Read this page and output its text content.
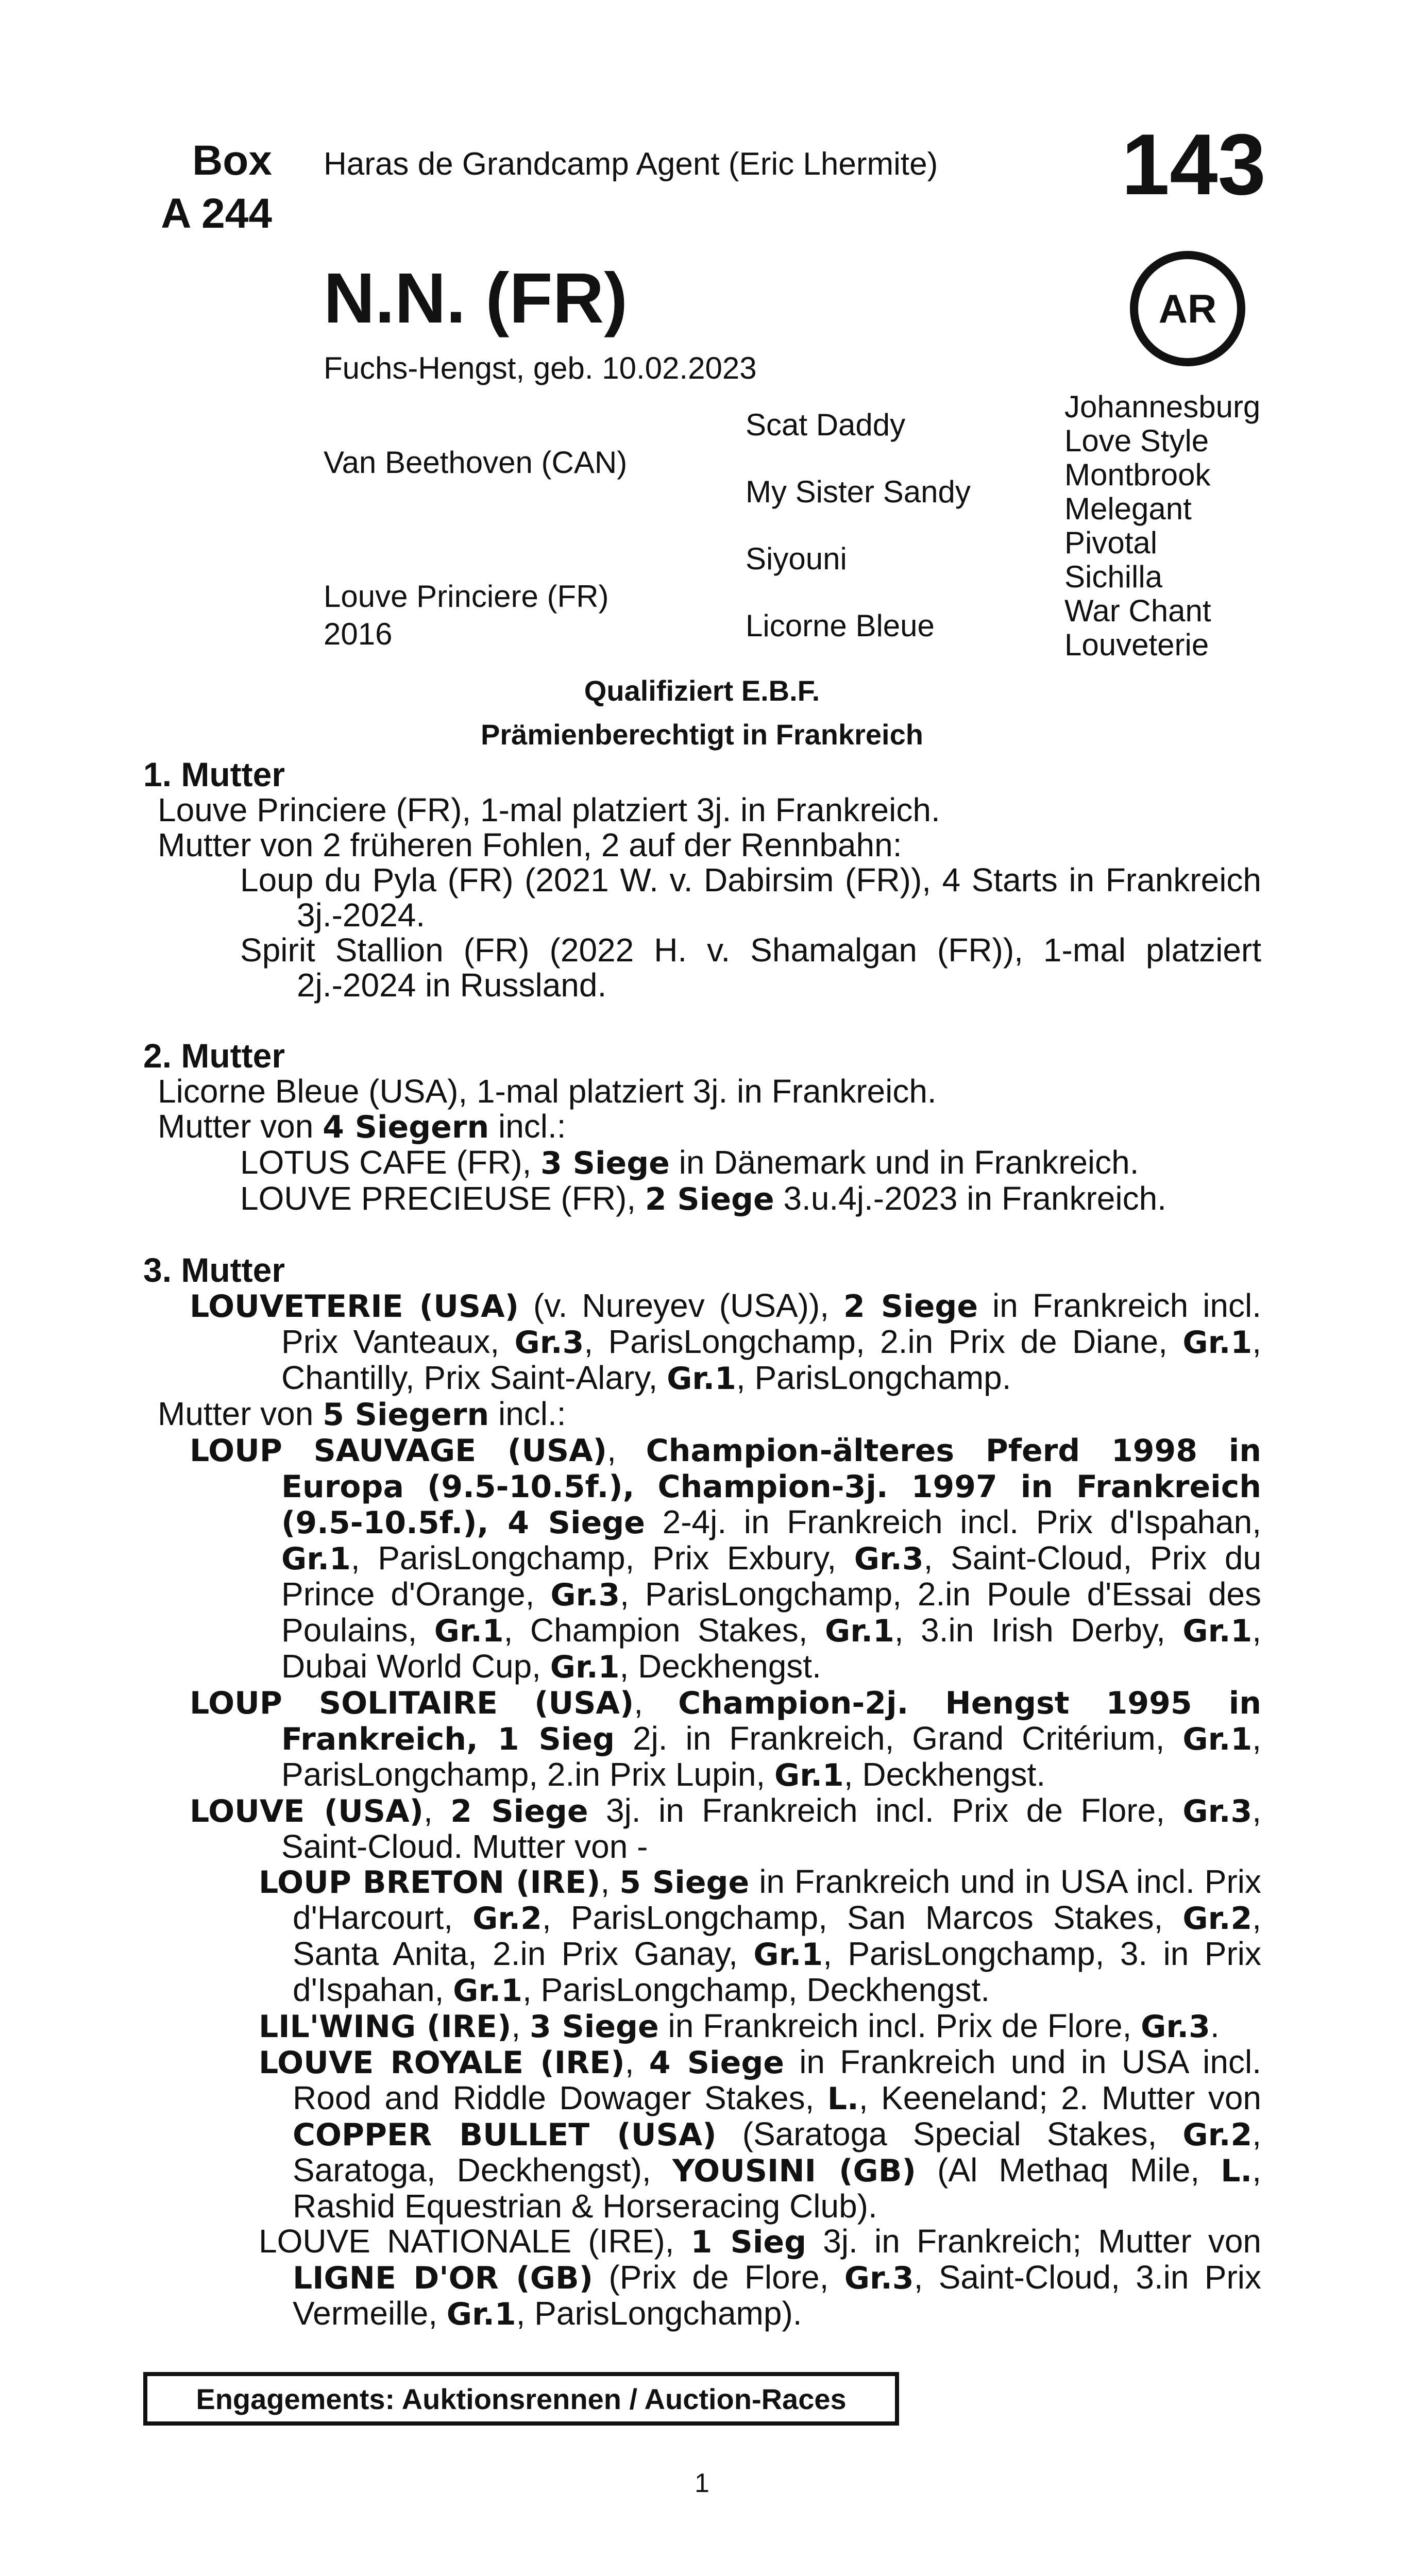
Box
A 244
Haras de Grandcamp Agent (Eric Lhermite) 143
AR
N.N. (FR)
Fuchs-Hengst, geb. 10.02.2023
Van Beethoven (CAN)
Louve Princiere (FR)
2016
Scat Daddy
My Sister Sandy
Siyouni
Licorne Bleue
Johannesburg
Love Style
Montbrook
Melegant
Pivotal
Sichilla
War Chant
Louveterie
Qualifiziert E.B.F.
Prämienberechtigt in Frankreich
1. Mutter

Louve Princiere (FR), 1-mal platziert 3j. in Frankreich.

Mutter von 2 früheren Fohlen, 2 auf der Rennbahn:

Loup du Pyla (FR) (2021 W. v. Dabirsim (FR)), 4 Starts in Frankreich 3j.-2024.

Spirit Stallion (FR) (2022 H. v. Shamalgan (FR)), 1-mal platziert 2j.-2024 in Russland.

2. Mutter

Licorne Bleue (USA), 1-mal platziert 3j. in Frankreich.

Mutter von 4 Siegern incl.:

LOTUS CAFE (FR), 3 Siege in Dänemark und in Frankreich.

LOUVE PRECIEUSE (FR), 2 Siege 3.u.4j.-2023 in Frankreich.

3. Mutter

LOUVETERIE (USA) (v. Nureyev (USA)), 2 Siege in Frankreich incl. Prix Vanteaux, Gr.3, ParisLongchamp, 2.in Prix de Diane, Gr.1, Chantilly, Prix Saint-Alary, Gr.1, ParisLongchamp.

Mutter von 5 Siegern incl.:

LOUP SAUVAGE (USA), Champion-älteres Pferd 1998 in Europa (9.5-10.5f.), Champion-3j. 1997 in Frankreich (9.5-10.5f.), 4 Siege 2-4j. in Frankreich incl. Prix d'Ispahan, Gr.1, ParisLongchamp, Prix Exbury, Gr.3, Saint-Cloud, Prix du Prince d'Orange, Gr.3, ParisLongchamp, 2.in Poule d'Essai des Poulains, Gr.1, Champion Stakes, Gr.1, 3.in Irish Derby, Gr.1, Dubai World Cup, Gr.1, Deckhengst.

LOUP SOLITAIRE (USA), Champion-2j. Hengst 1995 in Frankreich, 1 Sieg 2j. in Frankreich, Grand Critérium, Gr.1, ParisLongchamp, 2.in Prix Lupin, Gr.1, Deckhengst.

LOUVE (USA), 2 Siege 3j. in Frankreich incl. Prix de Flore, Gr.3, Saint-Cloud. Mutter von -

LOUP BRETON (IRE), 5 Siege in Frankreich und in USA incl. Prix d'Harcourt, Gr.2, ParisLongchamp, San Marcos Stakes, Gr.2, Santa Anita, 2.in Prix Ganay, Gr.1, ParisLongchamp, 3. in Prix d'Ispahan, Gr.1, ParisLongchamp, Deckhengst.

LIL'WING (IRE), 3 Siege in Frankreich incl. Prix de Flore, Gr.3.

LOUVE ROYALE (IRE), 4 Siege in Frankreich und in USA incl. Rood and Riddle Dowager Stakes, L., Keeneland; 2. Mutter von COPPER BULLET (USA) (Saratoga Special Stakes, Gr.2, Saratoga, Deckhengst), YOUSINI (GB) (Al Methaq Mile, L., Rashid Equestrian & Horseracing Club).

LOUVE NATIONALE (IRE), 1 Sieg 3j. in Frankreich; Mutter von LIGNE D'OR (GB) (Prix de Flore, Gr.3, Saint-Cloud, 3.in Prix Vermeille, Gr.1, ParisLongchamp).

Engagements: Auktionsrennen / Auction-Races
1
